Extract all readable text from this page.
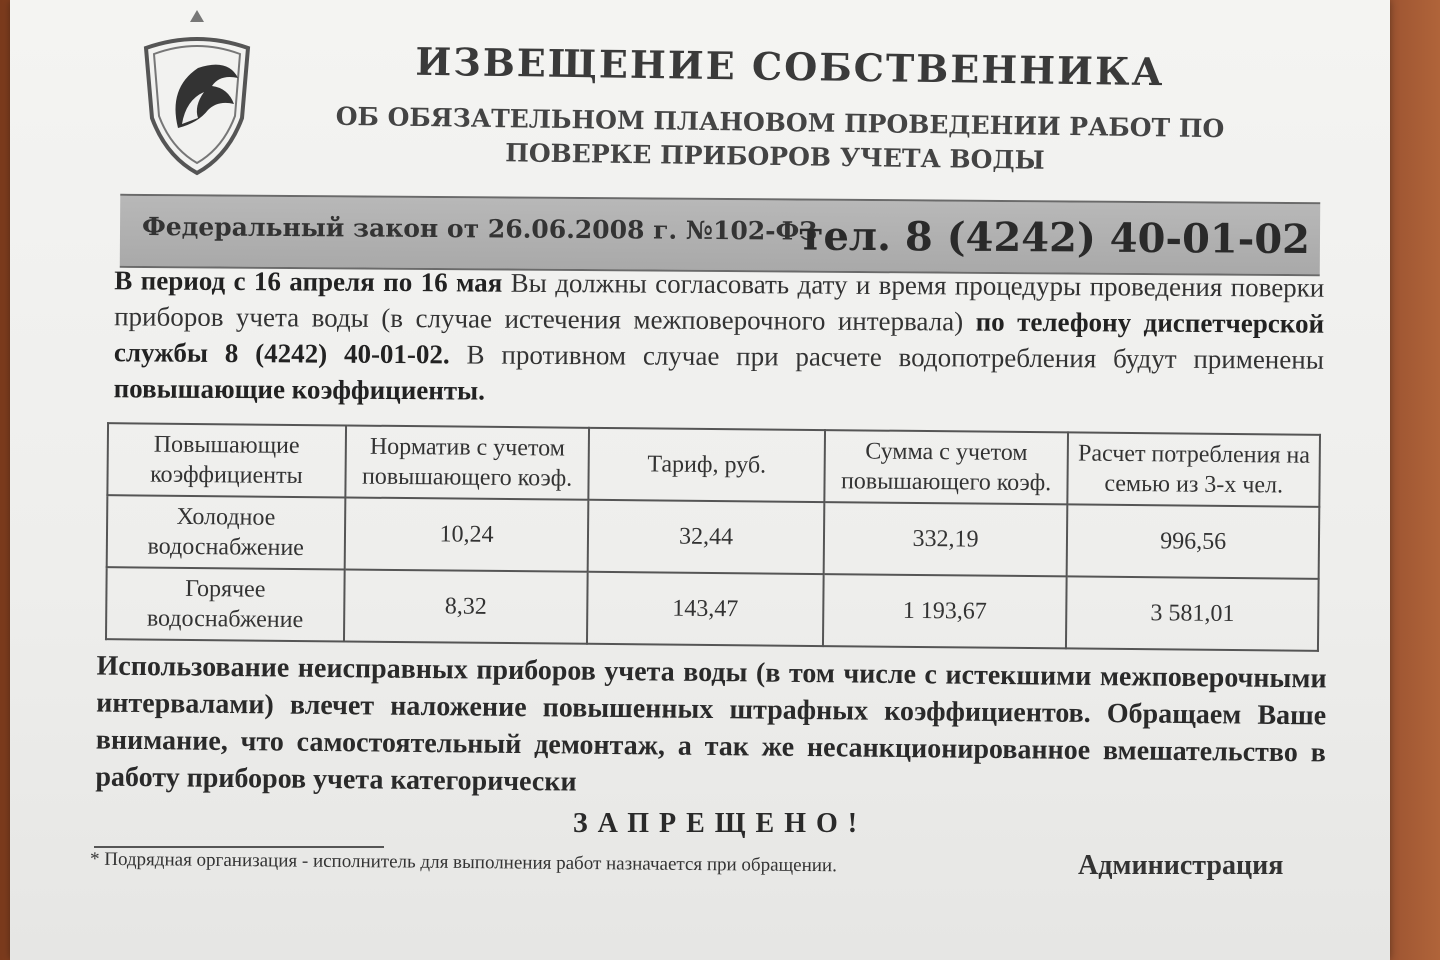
ИЗВЕЩЕНИЕ СОБСТВЕННИКА
ОБ ОБЯЗАТЕЛЬНОМ ПЛАНОВОМ ПРОВЕДЕНИИ РАБОТ ПО
ПОВЕРКЕ ПРИБОРОВ УЧЕТА ВОДЫ
Федеральный закон от 26.06.2008 г. №102-ФЗ
тел. 8 (4242) 40-01-02
В период с 16 апреля по 16 мая Вы должны согласовать дату и время процедуры проведения поверки приборов учета воды (в случае истечения межповерочного интервала) по телефону диспетчерской службы 8 (4242) 40-01-02. В противном случае при расчете водопотребления будут применены повышающие коэффициенты.
Повышающие коэффициенты	Норматив с учетом повышающего коэф.	Тариф, руб.	Сумма с учетом повышающего коэф.	Расчет потребления на семью из 3-х чел.
Холодное водоснабжение	10,24	32,44	332,19	996,56
Горячее водоснабжение	8,32	143,47	1 193,67	3 581,01
Использование неисправных приборов учета воды (в том числе с истекшими межповерочными интервалами) влечет наложение повышенных штрафных коэффициентов. Обращаем Ваше внимание, что самостоятельный демонтаж, а так же несанкционированное вмешательство в работу приборов учета категорически
ЗАПРЕЩЕНО!
* Подрядная организация - исполнитель для выполнения работ назначается при обращении.	Администрация
